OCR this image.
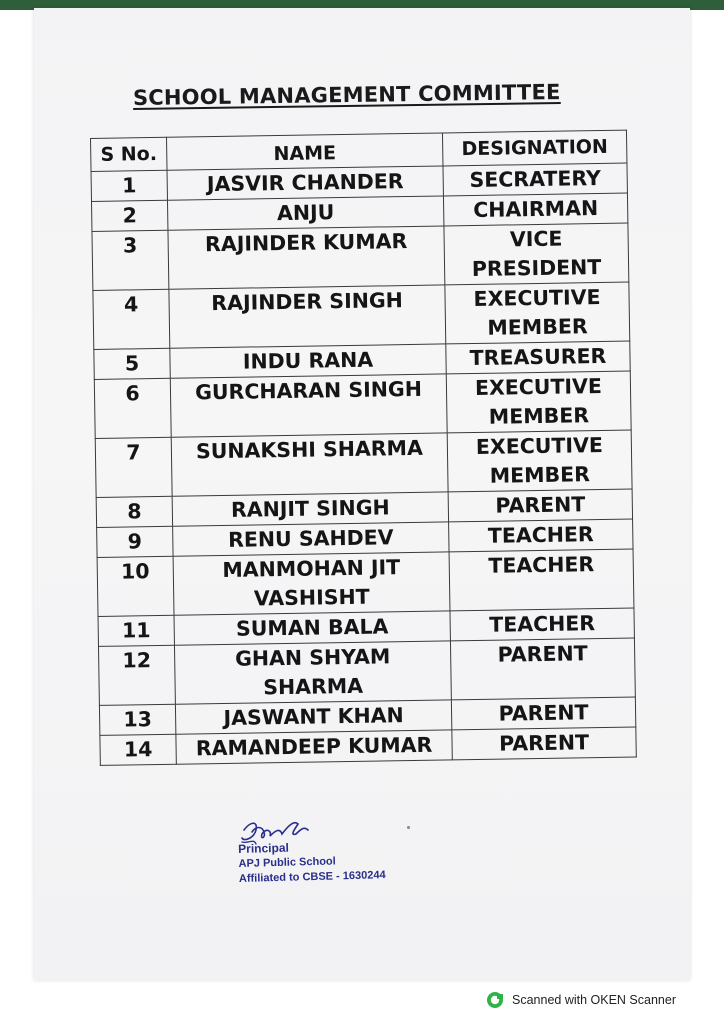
SCHOOL MANAGEMENT COMMITTEE
S No.	NAME	DESIGNATION

1	JASVIR CHANDER	SECRATERY

2	ANJU	CHAIRMAN

3	RAJINDER KUMAR	VICE
PRESIDENT

4	RAJINDER SINGH	EXECUTIVE
MEMBER

5	INDU RANA	TREASURER

6	GURCHARAN SINGH	EXECUTIVE
MEMBER

7	SUNAKSHI SHARMA	EXECUTIVE
MEMBER

8	RANJIT SINGH	PARENT

9	RENU SAHDEV	TEACHER

10	MANMOHAN JIT
VASHISHT	TEACHER

11	SUMAN BALA	TEACHER

12	GHAN SHYAM
SHARMA	PARENT

13	JASWANT KHAN	PARENT

14	RAMANDEEP KUMAR	PARENT
Principal
APJ Public School
Affiliated to CBSE - 1630244
Scanned with OKEN Scanner
